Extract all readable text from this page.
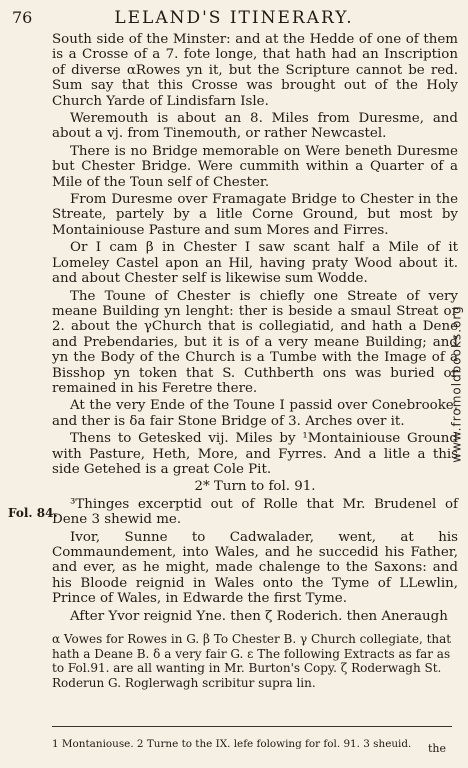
76	LELAND'S ITINERARY.

South side of the Minster: and at the Hedde of one of them is a Crosse of a 7. fote longe, that hath had an Inscription of diverse αRowes yn it, but the Scripture cannot be red. Sum say that this Crosse was brought out of the Holy Church Yarde of Lindisfarn Isle.

Weremouth is about an 8. Miles from Duresme, and about a vj. from Tinemouth, or rather Newcastel.

There is no Bridge memorable on Were beneth Duresme but Chester Bridge. Were cummith within a Quarter of a Mile of the Toun self of Chester.

From Duresme over Framagate Bridge to Chester in the Streate, partely by a litle Corne Ground, but most by Montainiouse Pasture and sum Mores and Firres.

Or I cam β in Chester I saw scant half a Mile of it Lomeley Castel apon an Hil, having praty Wood about it. and about Chester self is likewise sum Wodde.

The Toune of Chester is chiefly one Streate of very meane Building yn lenght: ther is beside a smaul Streat or 2. about the γChurch that is collegiatid, and hath a Dene and Prebendaries, but it is of a very meane Building; and yn the Body of the Church is a Tumbe with the Image of a Bisshop yn token that S. Cuthberth ons was buried or remained in his Feretre there.

At the very Ende of the Toune I passid over Conebrooke, and ther is δa fair Stone Bridge of 3. Arches over it.

Thens to Getesked vij. Miles by ¹Montainiouse Ground with Pasture, Heth, More, and Fyrres. And a litle a this side Getehed is a great Cole Pit.

2* Turn to fol. 91.

³Thinges excerptid out of Rolle that Mr. Brudenel of Dene 3 shewid me.

Ivor, Sunne to Cadwalader, went, at his Commaundement, into Wales, and he succedid his Father, and ever, as he might, made chalenge to the Saxons: and his Bloode reignid in Wales onto the Tyme of LLewlin, Prince of Wales, in Edwarde the first Tyme.

After Yvor reignid Yne. then ζ Roderich. then Aneraugh

Fol. 84.

α Vowes for Rowes in G. β To Chester B. γ Church collegiate, that hath a Deane B. δ a very fair G. ε The following Extracts as far as to Fol.91. are all wanting in Mr. Burton's Copy. ζ Roderwagh St. Roderun G. Roglerwagh scribitur supra lin.

1 Montaniouse. 2 Turne to the IX. lefe folowing for fol. 91. 3 sheuid.	the
www.fromoldbooks.org
